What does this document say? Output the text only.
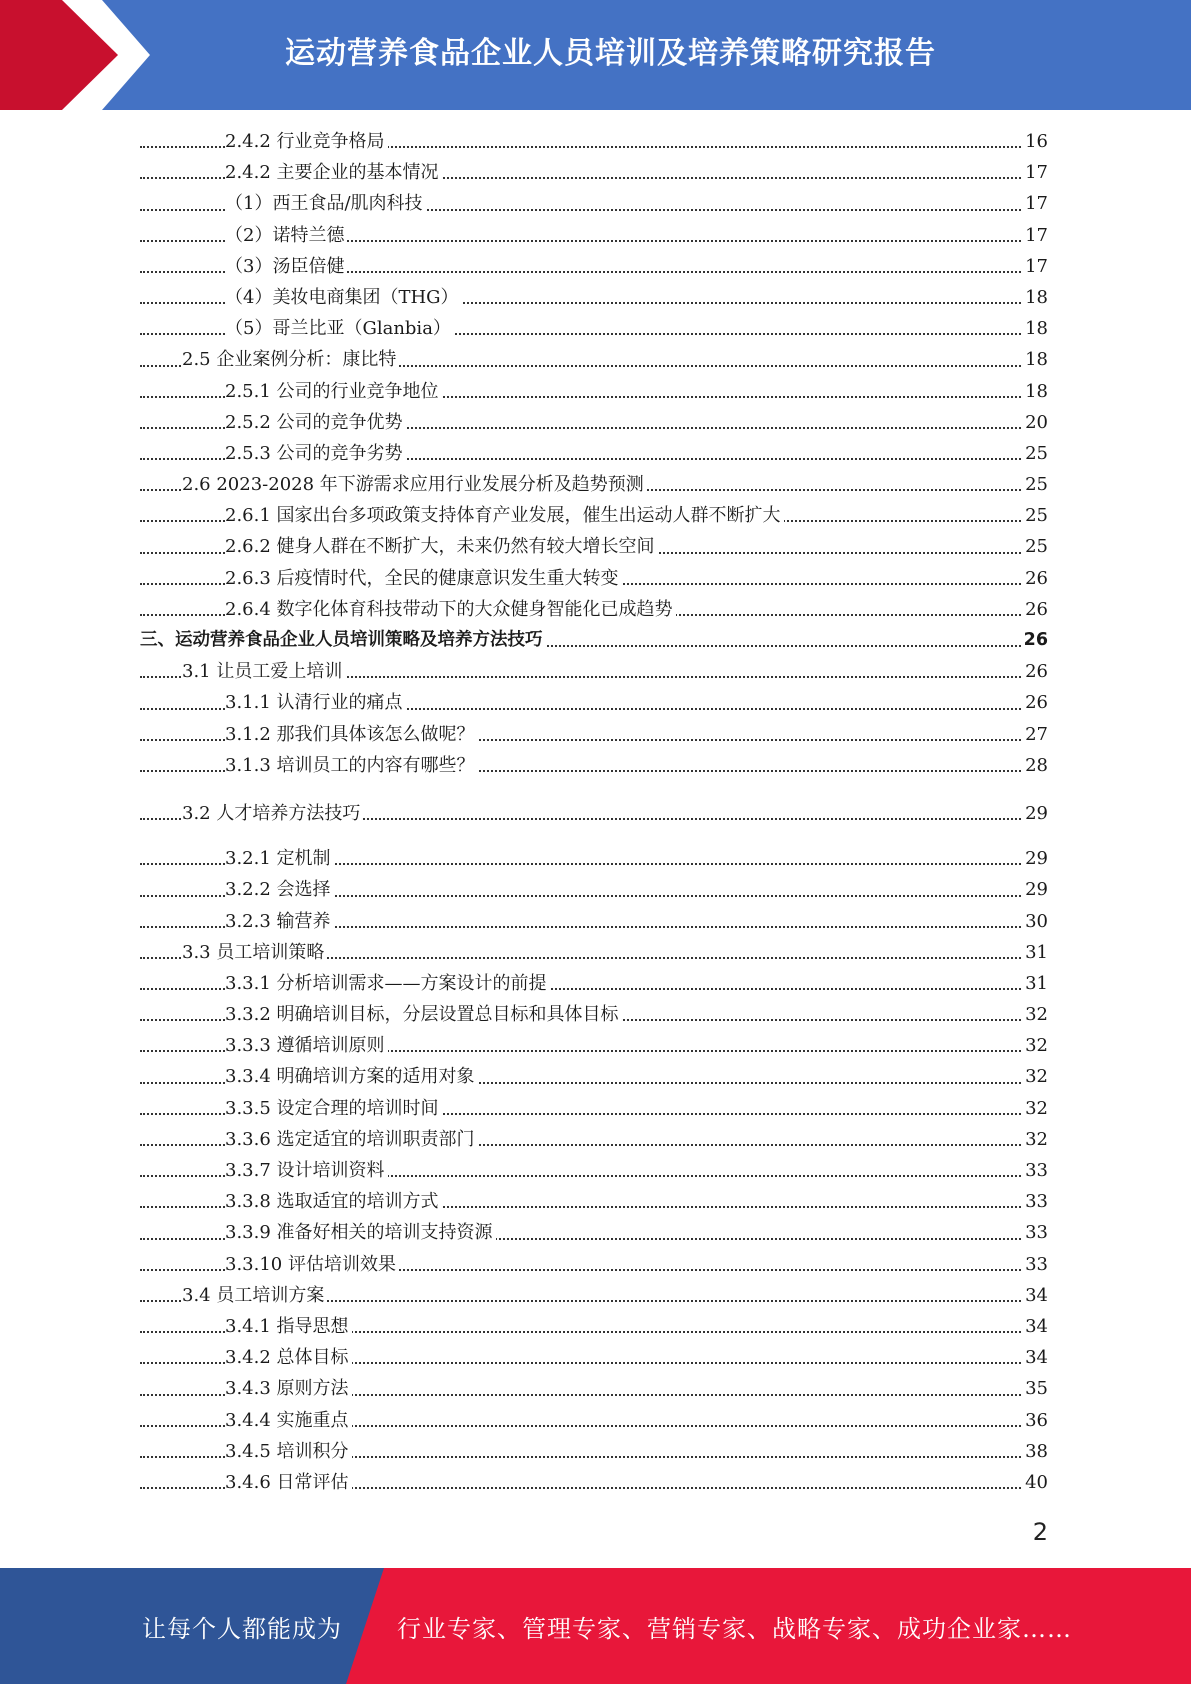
运动营养食品企业人员培训及培养策略研究报告
2.4.2 行业竞争格局	16
2.4.2 主要企业的基本情况	17
（1）西王食品/肌肉科技	17
（2）诺特兰德	17
（3）汤臣倍健	17
（4）美妆电商集团（THG）	18
（5）哥兰比亚（Glanbia）	18
2.5 企业案例分析：康比特	18
2.5.1 公司的行业竞争地位	18
2.5.2 公司的竞争优势	20
2.5.3 公司的竞争劣势	25
2.6 2023-2028 年下游需求应用行业发展分析及趋势预测	25
2.6.1 国家出台多项政策支持体育产业发展，催生出运动人群不断扩大	25
2.6.2 健身人群在不断扩大，未来仍然有较大增长空间	25
2.6.3 后疫情时代，全民的健康意识发生重大转变	26
2.6.4 数字化体育科技带动下的大众健身智能化已成趋势	26
三、运动营养食品企业人员培训策略及培养方法技巧	26
3.1 让员工爱上培训	26
3.1.1 认清行业的痛点	26
3.1.2 那我们具体该怎么做呢？	27
3.1.3 培训员工的内容有哪些？	28
3.2 人才培养方法技巧	29
3.2.1 定机制	29
3.2.2 会选择	29
3.2.3 输营养	30
3.3 员工培训策略	31
3.3.1 分析培训需求——方案设计的前提	31
3.3.2 明确培训目标，分层设置总目标和具体目标	32
3.3.3 遵循培训原则	32
3.3.4 明确培训方案的适用对象	32
3.3.5 设定合理的培训时间	32
3.3.6 选定适宜的培训职责部门	32
3.3.7 设计培训资料	33
3.3.8 选取适宜的培训方式	33
3.3.9 准备好相关的培训支持资源	33
3.3.10 评估培训效果	33
3.4 员工培训方案	34
3.4.1 指导思想	34
3.4.2 总体目标	34
3.4.3 原则方法	35
3.4.4 实施重点	36
3.4.5 培训积分	38
3.4.6 日常评估	40
2
让每个人都能成为 行业专家、管理专家、营销专家、战略专家、成功企业家……
